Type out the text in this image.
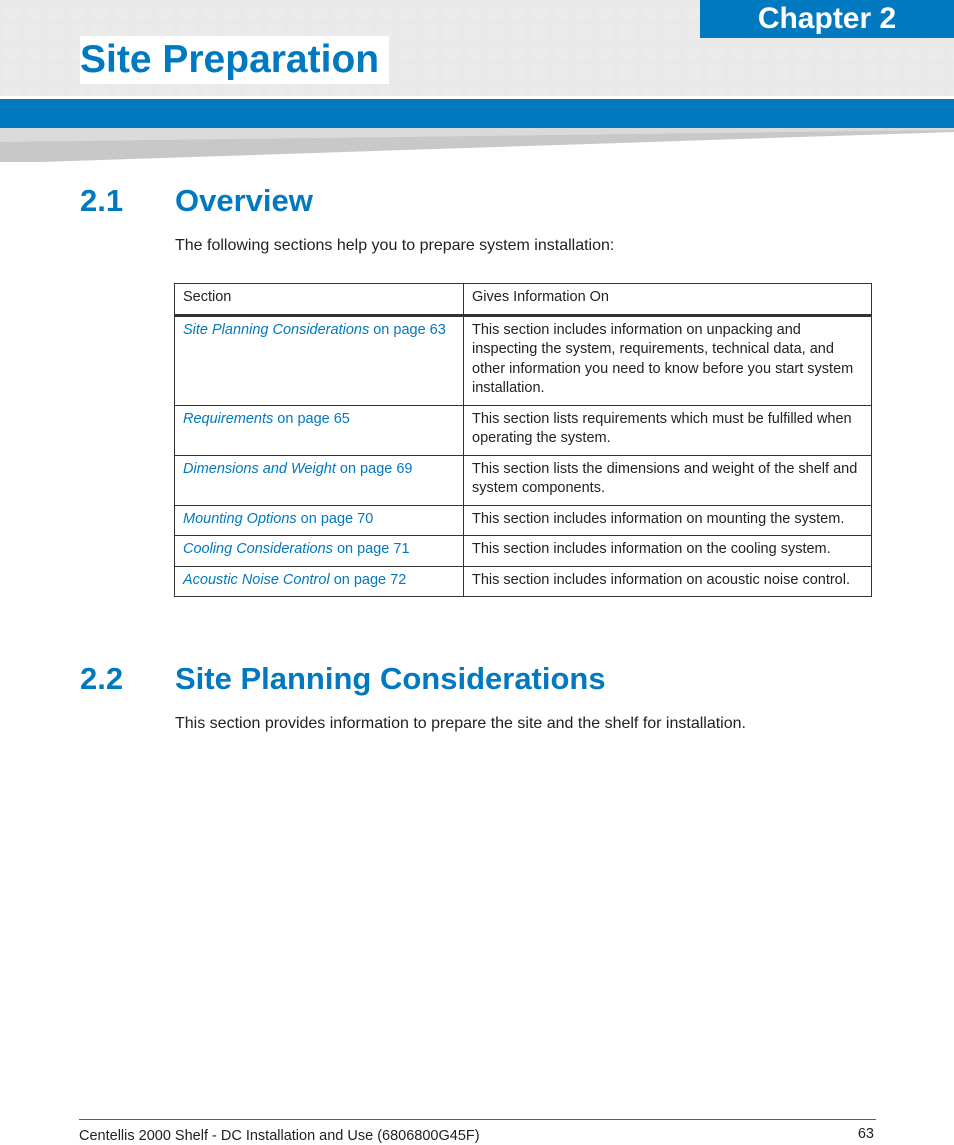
Chapter 2
Site Preparation
2.1 Overview
The following sections help you to prepare system installation:
Section	Gives Information On
Site Planning Considerations on page 63	This section includes information on unpacking and inspecting the system, requirements, technical data, and other information you need to know before you start system installation.
Requirements on page 65	This section lists requirements which must be fulfilled when operating the system.
Dimensions and Weight on page 69	This section lists the dimensions and weight of the shelf and system components.
Mounting Options on page 70	This section includes information on mounting the system.
Cooling Considerations on page 71	This section includes information on the cooling system.
Acoustic Noise Control on page 72	This section includes information on acoustic noise control.
2.2 Site Planning Considerations
This section provides information to prepare the site and the shelf for installation.
Centellis 2000 Shelf - DC Installation and Use (6806800G45F)	63
